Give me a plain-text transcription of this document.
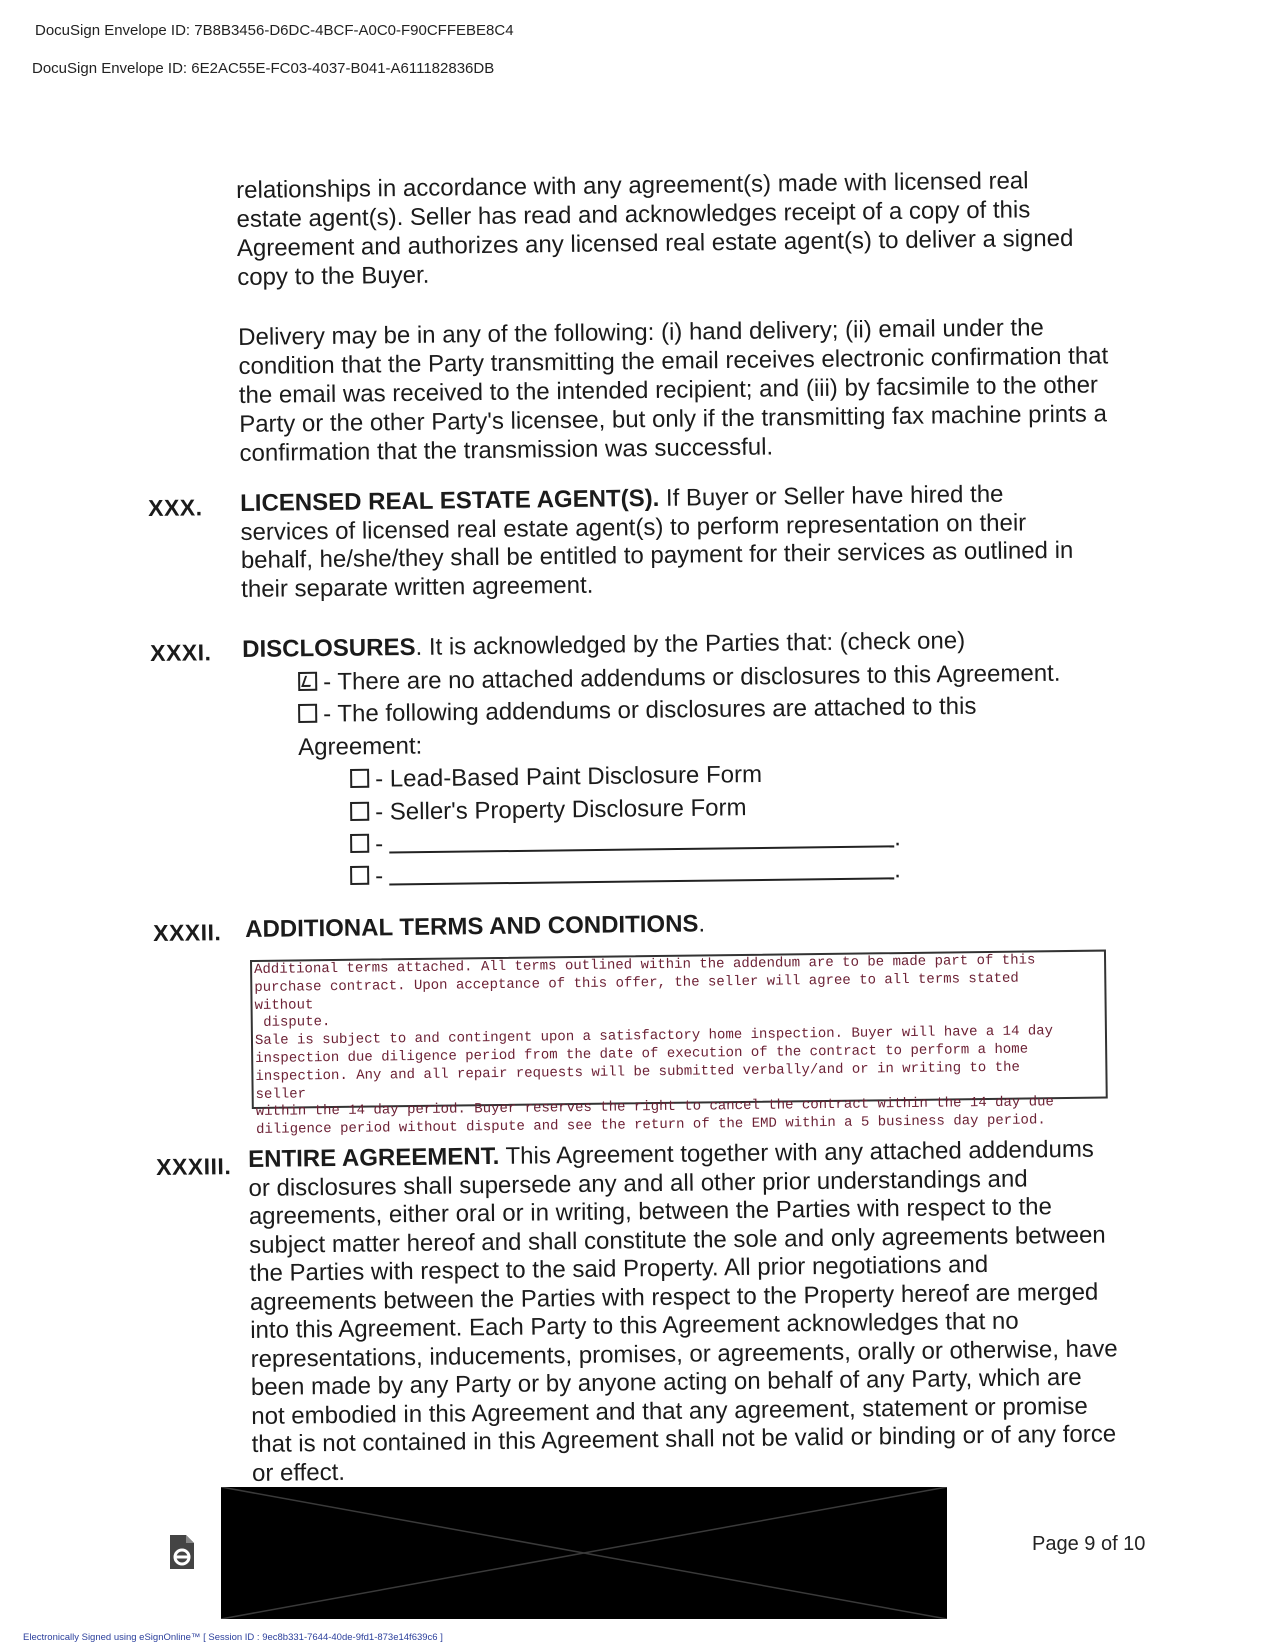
DocuSign Envelope ID: 7B8B3456-D6DC-4BCF-A0C0-F90CFFEBE8C4
DocuSign Envelope ID: 6E2AC55E-FC03-4037-B041-A611182836DB

relationships in accordance with any agreement(s) made with licensed real estate agent(s). Seller has read and acknowledges receipt of a copy of this Agreement and authorizes any licensed real estate agent(s) to deliver a signed copy to the Buyer.

Delivery may be in any of the following: (i) hand delivery; (ii) email under the condition that the Party transmitting the email receives electronic confirmation that the email was received to the intended recipient; and (iii) by facsimile to the other Party or the other Party's licensee, but only if the transmitting fax machine prints a confirmation that the transmission was successful.

XXX. LICENSED REAL ESTATE AGENT(S). If Buyer or Seller have hired the services of licensed real estate agent(s) to perform representation on their behalf, he/she/they shall be entitled to payment for their services as outlined in their separate written agreement.

XXXI. DISCLOSURES. It is acknowledged by the Parties that: (check one)

- There are no attached addendums or disclosures to this Agreement.
- The following addendums or disclosures are attached to this
Agreement:
- Lead-Based Paint Disclosure Form
- Seller's Property Disclosure Form
-	.
-	.
XXXII. ADDITIONAL TERMS AND CONDITIONS.

Additional terms attached. All terms outlined within the addendum are to be made part of this
purchase contract. Upon acceptance of this offer, the seller will agree to all terms stated
without
dispute.
Sale is subject to and contingent upon a satisfactory home inspection. Buyer will have a 14 day
inspection due diligence period from the date of execution of the contract to perform a home
inspection. Any and all repair requests will be submitted verbally/and or in writing to the
seller
within the 14 day period. Buyer reserves the right to cancel the contract within the 14 day due
diligence period without dispute and see the return of the EMD within a 5 business day period.

XXXIII. ENTIRE AGREEMENT. This Agreement together with any attached addendums or disclosures shall supersede any and all other prior understandings and agreements, either oral or in writing, between the Parties with respect to the subject matter hereof and shall constitute the sole and only agreements between the Parties with respect to the said Property. All prior negotiations and agreements between the Parties with respect to the Property hereof are merged into this Agreement. Each Party to this Agreement acknowledges that no representations, inducements, promises, or agreements, orally or otherwise, have been made by any Party or by anyone acting on behalf of any Party, which are not embodied in this Agreement and that any agreement, statement or promise that is not contained in this Agreement shall not be valid or binding or of any force or effect.

Page 9 of 10
Electronically Signed using eSignOnline™ [ Session ID : 9ec8b331-7644-40de-9fd1-873e14f639c6 ]
